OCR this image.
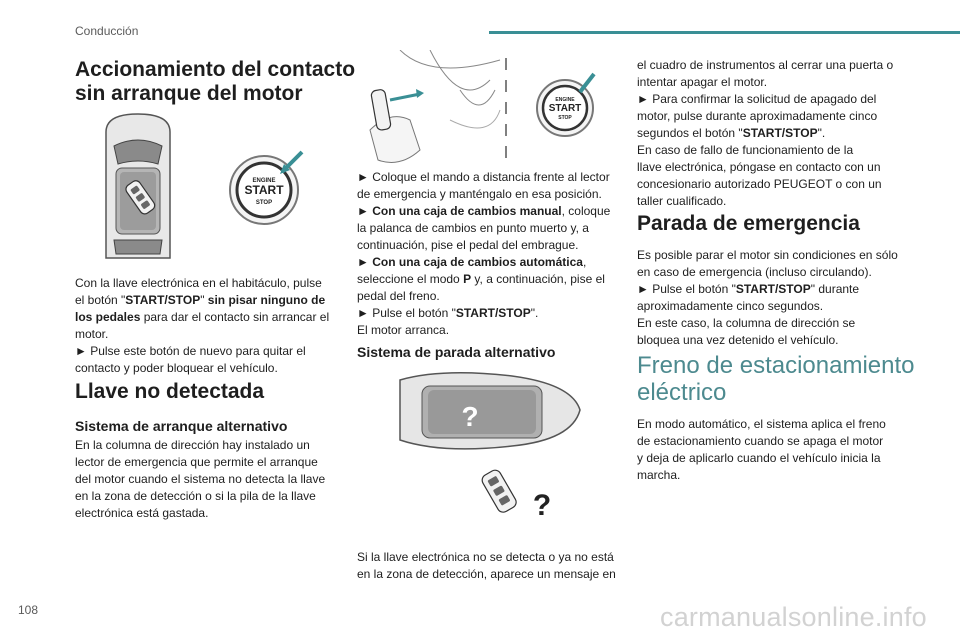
Conducción
Accionamiento del contacto
sin arranque del motor
ENGINE
START
STOP

Con la llave electrónica en el habitáculo, pulse

el botón "START/STOP" sin pisar ninguno de

los pedales para dar el contacto sin arrancar el

motor.

► Pulse este botón de nuevo para quitar el

contacto y poder bloquear el vehículo.

Llave no detectada
Sistema de arranque alternativo

En la columna de dirección hay instalado un

lector de emergencia que permite el arranque

del motor cuando el sistema no detecta la llave

en la zona de detección o si la pila de la llave

electrónica está gastada.

ENGINE
START
STOP

► Coloque el mando a distancia frente al lector

de emergencia y manténgalo en esa posición.

► Con una caja de cambios manual, coloque

la palanca de cambios en punto muerto y, a

continuación, pise el pedal del embrague.

► Con una caja de cambios automática,

seleccione el modo P y, a continuación, pise el

pedal del freno.

► Pulse el botón "START/STOP".

El motor arranca.

Sistema de parada alternativo
?
?

Si la llave electrónica no se detecta o ya no está

en la zona de detección, aparece un mensaje en

el cuadro de instrumentos al cerrar una puerta o

intentar apagar el motor.

► Para confirmar la solicitud de apagado del

motor, pulse durante aproximadamente cinco

segundos el botón "START/STOP".

En caso de fallo de funcionamiento de la

llave electrónica, póngase en contacto con un

concesionario autorizado PEUGEOT o con un

taller cualificado.

Parada de emergencia

Es posible parar el motor sin condiciones en sólo

en caso de emergencia (incluso circulando).

► Pulse el botón "START/STOP" durante

aproximadamente cinco segundos.

En este caso, la columna de dirección se

bloquea una vez detenido el vehículo.

Freno de estacionamiento
eléctrico

En modo automático, el sistema aplica el freno

de estacionamiento cuando se apaga el motor

y deja de aplicarlo cuando el vehículo inicia la

marcha.

108	carmanualsonline.info
